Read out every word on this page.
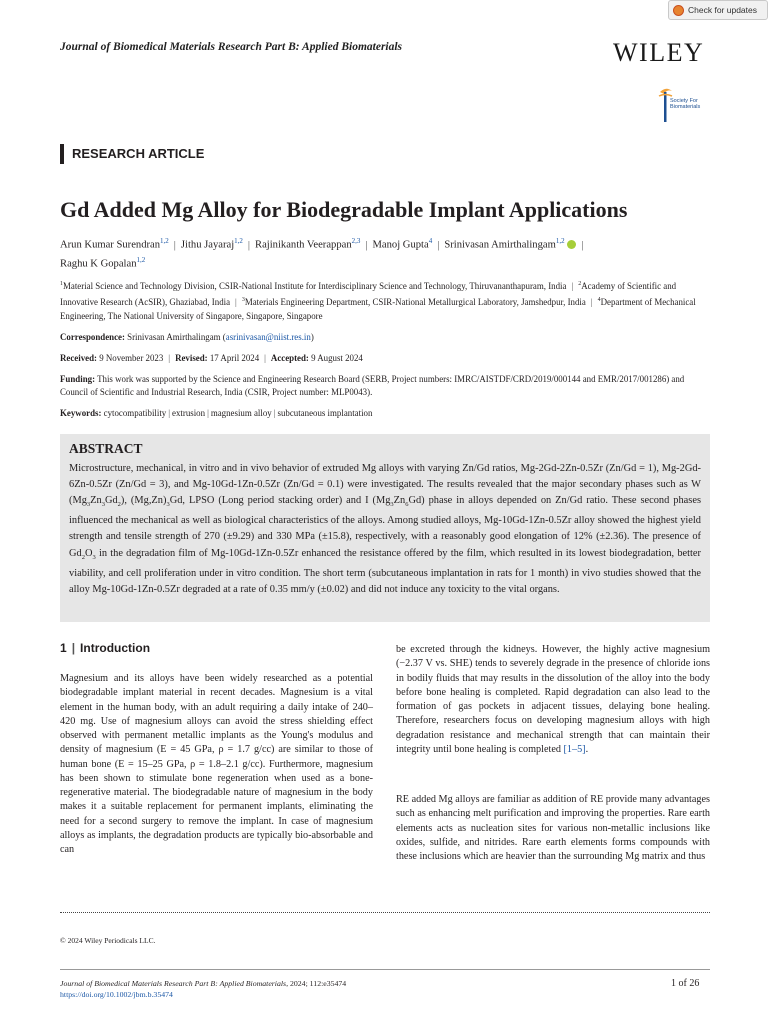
Check for updates
Journal of Biomedical Materials Research Part B: Applied Biomaterials	WILEY
Society For Biomaterials
RESEARCH ARTICLE
Gd Added Mg Alloy for Biodegradable Implant Applications
Arun Kumar Surendran$^{1,2}$ | Jithu Jayaraj$^{1,2}$ | Rajinikanth Veerappan$^{2,3}$ | Manoj Gupta$^4$ | Srinivasan Amirthalingam$^{1,2}$ |
Raghu K Gopalan$^{1,2}$
$^1$Material Science and Technology Division, CSIR-National Institute for Interdisciplinary Science and Technology, Thiruvananthapuram, India | $^2$Academy of Scientific and Innovative Research (AcSIR), Ghaziabad, India | $^3$Materials Engineering Department, CSIR-National Metallurgical Laboratory, Jamshedpur, India | $^4$Department of Mechanical Engineering, The National University of Singapore, Singapore, Singapore
Correspondence: Srinivasan Amirthalingam (asrinivasan@niist.res.in)
Received: 9 November 2023 | Revised: 17 April 2024 | Accepted: 9 August 2024
Funding: This work was supported by the Science and Engineering Research Board (SERB, Project numbers: IMRC/AISTDF/CRD/2019/000144 and EMR/2017/001286) and Council of Scientific and Industrial Research, India (CSIR, Project number: MLP0043).
Keywords: cytocompatibility | extrusion | magnesium alloy | subcutaneous implantation
ABSTRACT
Microstructure, mechanical, in vitro and in vivo behavior of extruded Mg alloys with varying Zn/Gd ratios, Mg-2Gd-2Zn-0.5Zr (Zn/Gd = 1), Mg-2Gd-6Zn-0.5Zr (Zn/Gd = 3), and Mg-10Gd-1Zn-0.5Zr (Zn/Gd = 0.1) were investigated. The results revealed that the major secondary phases such as W $(Mg_3Zn_3Gd_2)$, $(Mg,Zn)_3Gd$, LPSO (Long period stacking order) and I $(Mg_3Zn_6Gd)$ phase in alloys depended on Zn/Gd ratio. These second phases influenced the mechanical as well as biological characteristics of the alloys. Among studied alloys, Mg-10Gd-1Zn-0.5Zr alloy showed the highest yield strength and tensile strength of 270 (±9.29) and 330 MPa (±15.8), respectively, with a reasonably good elongation of 12% (±2.36). The presence of $Gd_2O_3$ in the degradation film of Mg-10Gd-1Zn-0.5Zr enhanced the resistance offered by the film, which resulted in its lowest biodegradation, better viability, and cell proliferation under in vitro condition. The short term (subcutaneous implantation in rats for 1 month) in vivo studies showed that the alloy Mg-10Gd-1Zn-0.5Zr degraded at a rate of 0.35 mm/y (±0.02) and did not induce any toxicity to the vital organs.
1 | Introduction
Magnesium and its alloys have been widely researched as a potential biodegradable implant material in recent decades. Magnesium is a vital element in the human body, with an adult requiring a daily intake of 240–420 mg. Use of magnesium alloys can avoid the stress shielding effect observed with permanent metallic implants as the Young's modulus and density of magnesium (E = 45 GPa, ρ = 1.7 g/cc) are similar to those of human bone (E = 15–25 GPa, ρ = 1.8–2.1 g/cc). Furthermore, magnesium has been shown to stimulate bone regeneration when used as a bone-regenerative material. The biodegradable nature of magnesium in the body makes it a suitable replacement for permanent implants, eliminating the need for a second surgery to remove the implant. In case of magnesium alloys as implants, the degradation products are typically bio-absorbable and can
be excreted through the kidneys. However, the highly active magnesium (−2.37 V vs. SHE) tends to severely degrade in the presence of chloride ions in bodily fluids that may results in the dissolution of the alloy into the body before bone healing is completed. Rapid degradation can also lead to the formation of gas pockets in adjacent tissues, delaying bone healing. Therefore, researchers focus on developing magnesium alloys with high degradation resistance and mechanical strength that can maintain their integrity until bone healing is completed [1–5].
RE added Mg alloys are familiar as addition of RE provide many advantages such as enhancing melt purification and improving the properties. Rare earth elements acts as nucleation sites for various non-metallic inclusions like oxides, sulfide, and nitrides. Rare earth elements forms compounds with these inclusions which are heavier than the surrounding Mg matrix and thus
© 2024 Wiley Periodicals LLC.
Journal of Biomedical Materials Research Part B: Applied Biomaterials, 2024; 112:e35474
https://doi.org/10.1002/jbm.b.35474
1 of 26
